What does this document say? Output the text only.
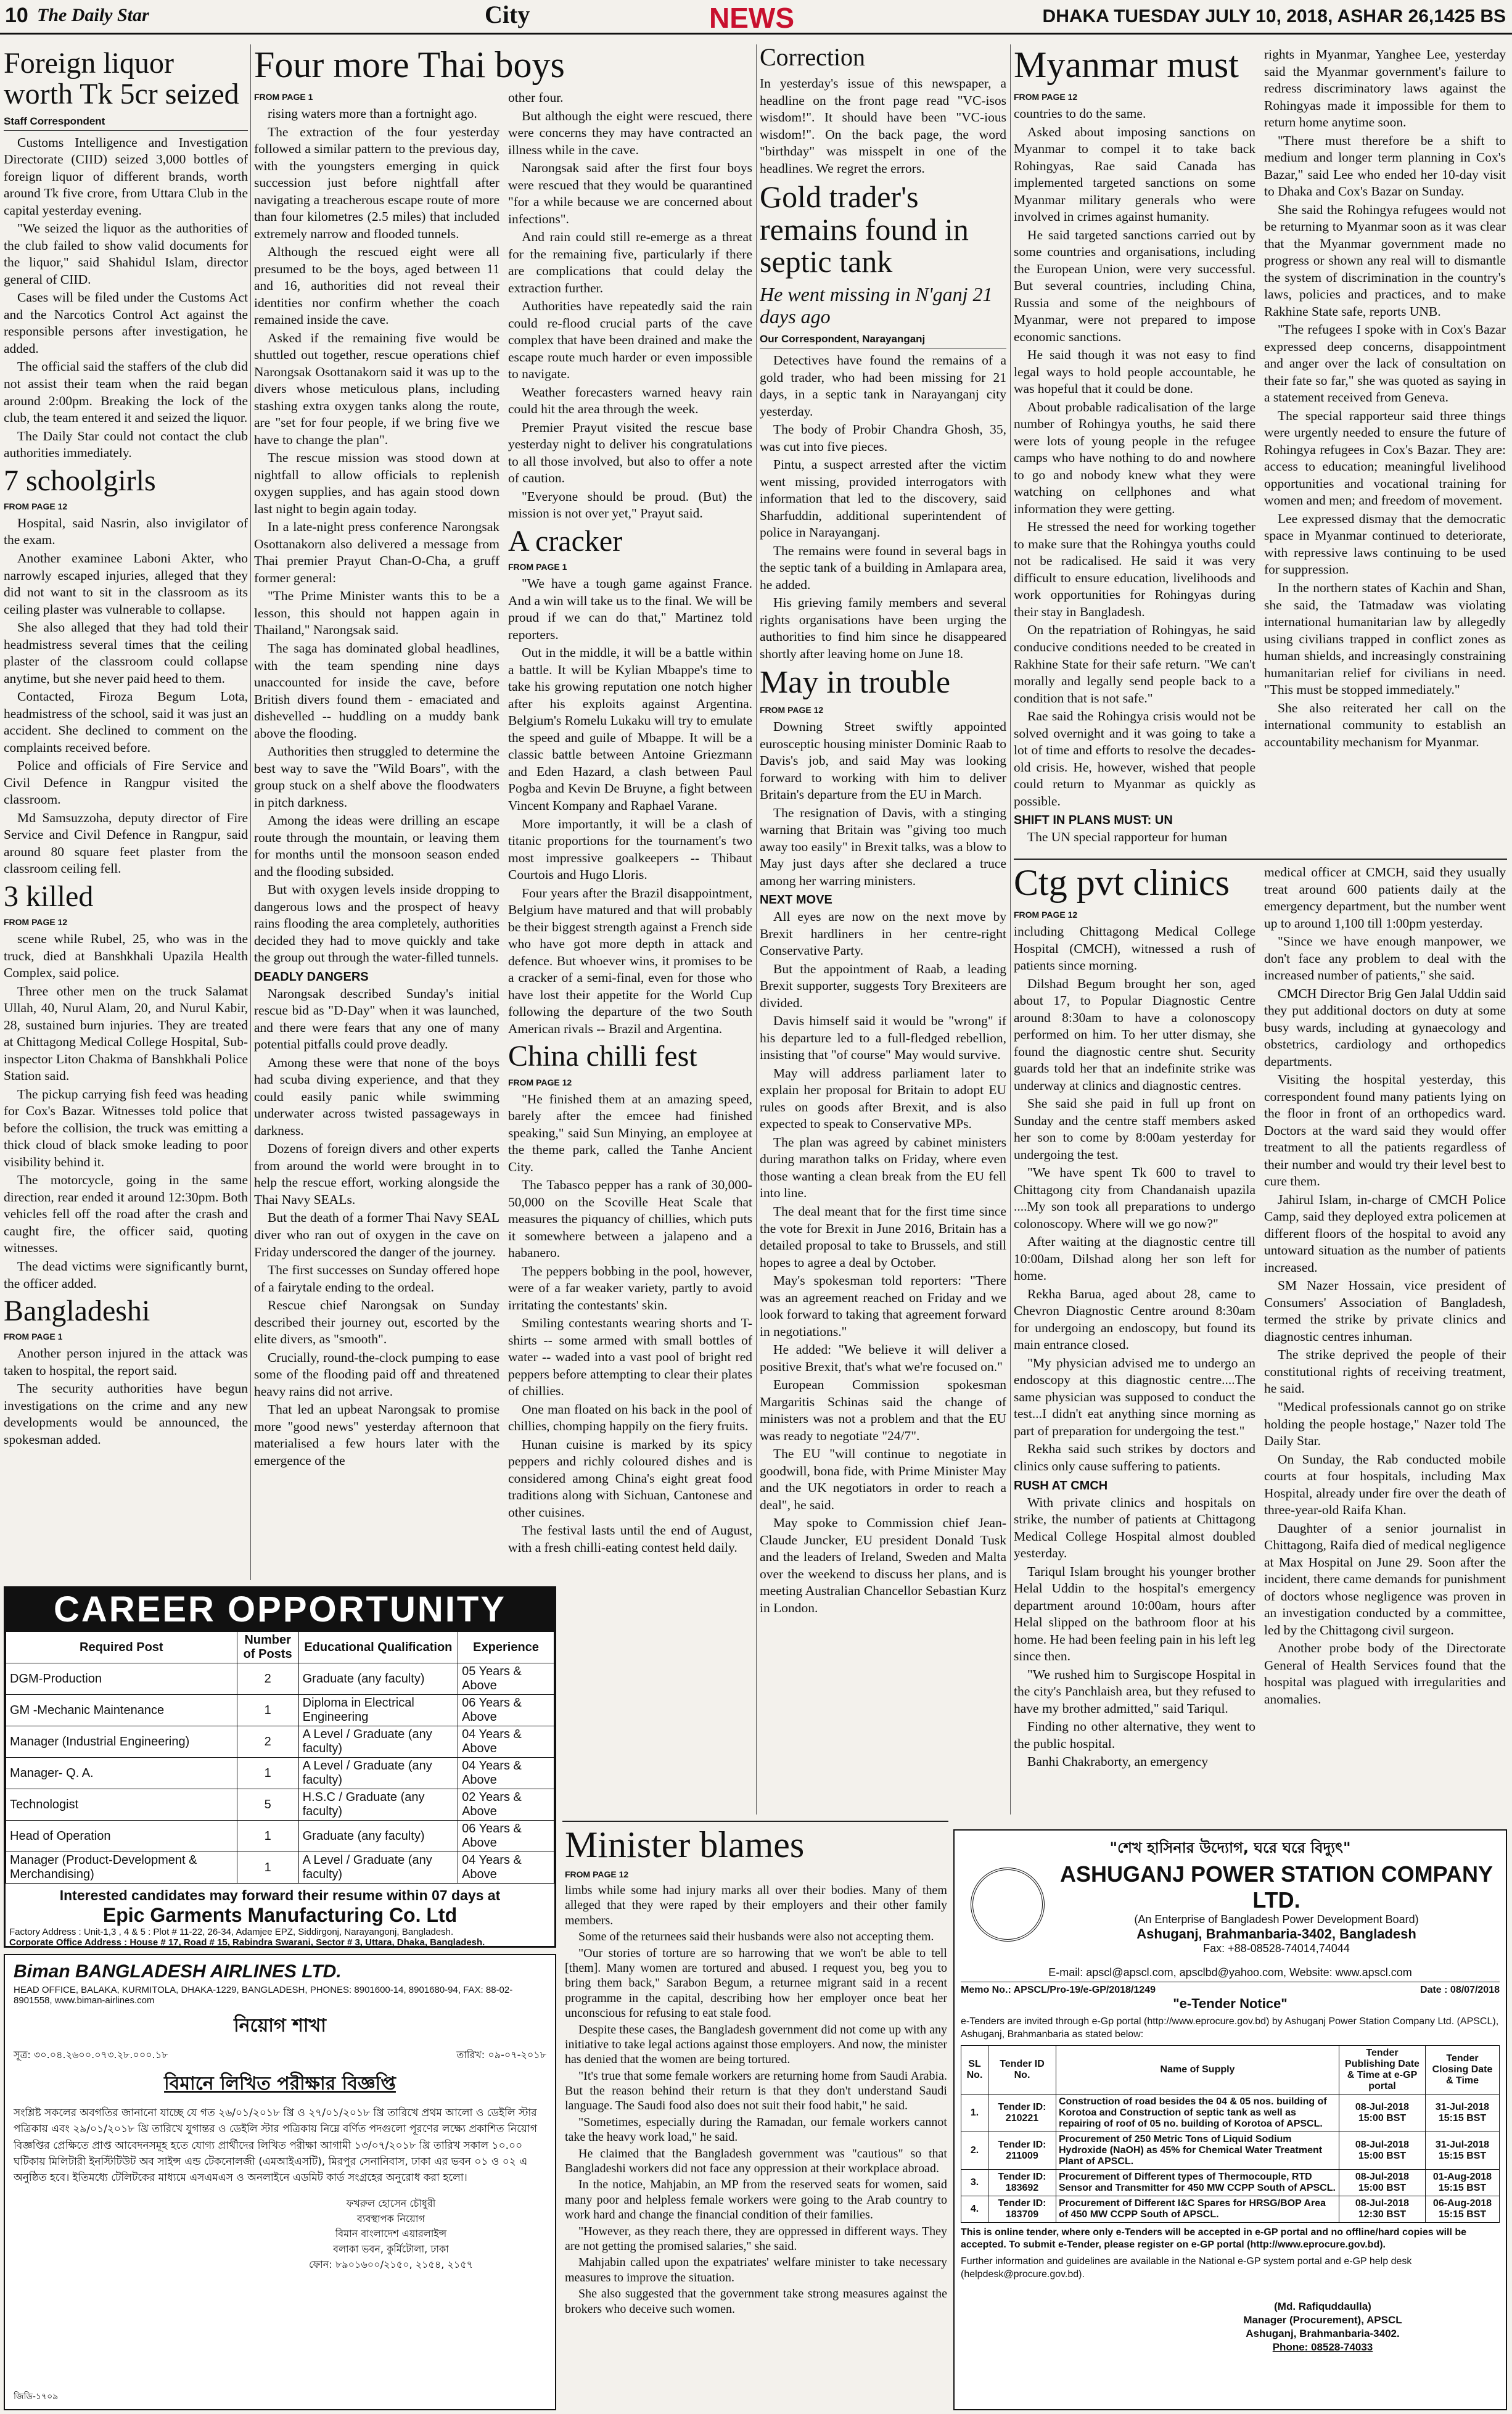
10 The Daily Star	City	NEWS	DHAKA TUESDAY JULY 10, 2018, ASHAR 26,1425 BS
Foreign liquor worth Tk 5cr seized
Staff Correspondent

Customs Intelligence and Investigation Directorate (CIID) seized 3,000 bottles of foreign liquor of different brands, worth around Tk five crore, from Uttara Club in the capital yesterday evening.

"We seized the liquor as the authorities of the club failed to show valid documents for the liquor," said Shahidul Islam, director general of CIID.

Cases will be filed under the Customs Act and the Narcotics Control Act against the responsible persons after investigation, he added.

The official said the staffers of the club did not assist their team when the raid began around 2:00pm. Breaking the lock of the club, the team entered it and seized the liquor.

The Daily Star could not contact the club authorities immediately.

7 schoolgirls
FROM PAGE 12

Hospital, said Nasrin, also invigilator of the exam.

Another examinee Laboni Akter, who narrowly escaped injuries, alleged that they did not want to sit in the classroom as its ceiling plaster was vulnerable to collapse.

She also alleged that they had told their headmistress several times that the ceiling plaster of the classroom could collapse anytime, but she never paid heed to them.

Contacted, Firoza Begum Lota, headmistress of the school, said it was just an accident. She declined to comment on the complaints received before.

Police and officials of Fire Service and Civil Defence in Rangpur visited the classroom.

Md Samsuzzoha, deputy director of Fire Service and Civil Defence in Rangpur, said around 80 square feet plaster from the classroom ceiling fell.

3 killed
FROM PAGE 12

scene while Rubel, 25, who was in the truck, died at Banshkhali Upazila Health Complex, said police.

Three other men on the truck Salamat Ullah, 40, Nurul Alam, 20, and Nurul Kabir, 28, sustained burn injuries. They are treated at Chittagong Medical College Hospital, Sub-inspector Liton Chakma of Banshkhali Police Station said.

The pickup carrying fish feed was heading for Cox's Bazar. Witnesses told police that before the collision, the truck was emitting a thick cloud of black smoke leading to poor visibility behind it.

The motorcycle, going in the same direction, rear ended it around 12:30pm. Both vehicles fell off the road after the crash and caught fire, the officer said, quoting witnesses.

The dead victims were significantly burnt, the officer added.

Bangladeshi
FROM PAGE 1

Another person injured in the attack was taken to hospital, the report said.

The security authorities have begun investigations on the crime and any new developments would be announced, the spokesman added.

Four more Thai boys
FROM PAGE 1

rising waters more than a fortnight ago.

The extraction of the four yesterday followed a similar pattern to the previous day, with the youngsters emerging in quick succession just before nightfall after navigating a treacherous escape route of more than four kilometres (2.5 miles) that included extremely narrow and flooded tunnels.

Although the rescued eight were all presumed to be the boys, aged between 11 and 16, authorities did not reveal their identities nor confirm whether the coach remained inside the cave.

Asked if the remaining five would be shuttled out together, rescue operations chief Narongsak Osottanakorn said it was up to the divers whose meticulous plans, including stashing extra oxygen tanks along the route, are "set for four people, if we bring five we have to change the plan".

The rescue mission was stood down at nightfall to allow officials to replenish oxygen supplies, and has again stood down last night to begin again today.

In a late-night press conference Narongsak Osottanakorn also delivered a message from Thai premier Prayut Chan-O-Cha, a gruff former general:

"The Prime Minister wants this to be a lesson, this should not happen again in Thailand," Narongsak said.

The saga has dominated global headlines, with the team spending nine days unaccounted for inside the cave, before British divers found them - emaciated and dishevelled -- huddling on a muddy bank above the flooding.

Authorities then struggled to determine the best way to save the "Wild Boars", with the group stuck on a shelf above the floodwaters in pitch darkness.

Among the ideas were drilling an escape route through the mountain, or leaving them for months until the monsoon season ended and the flooding subsided.

But with oxygen levels inside dropping to dangerous lows and the prospect of heavy rains flooding the area completely, authorities decided they had to move quickly and take the group out through the water-filled tunnels.

DEADLY DANGERS

Narongsak described Sunday's initial rescue bid as "D-Day" when it was launched, and there were fears that any one of many potential pitfalls could prove deadly.

Among these were that none of the boys had scuba diving experience, and that they could easily panic while swimming underwater across twisted passageways in darkness.

Dozens of foreign divers and other experts from around the world were brought in to help the rescue effort, working alongside the Thai Navy SEALs.

But the death of a former Thai Navy SEAL diver who ran out of oxygen in the cave on Friday underscored the danger of the journey.

The first successes on Sunday offered hope of a fairytale ending to the ordeal.

Rescue chief Narongsak on Sunday described their journey out, escorted by the elite divers, as "smooth".

Crucially, round-the-clock pumping to ease some of the flooding paid off and threatened heavy rains did not arrive.

That led an upbeat Narongsak to promise more "good news" yesterday afternoon that materialised a few hours later with the emergence of the

other four.

But although the eight were rescued, there were concerns they may have contracted an illness while in the cave.

Narongsak said after the first four boys were rescued that they would be quarantined "for a while because we are concerned about infections".

And rain could still re-emerge as a threat for the remaining five, particularly if there are complications that could delay the extraction further.

Authorities have repeatedly said the rain could re-flood crucial parts of the cave complex that have been drained and make the escape route much harder or even impossible to navigate.

Weather forecasters warned heavy rain could hit the area through the week.

Premier Prayut visited the rescue base yesterday night to deliver his congratulations to all those involved, but also to offer a note of caution.

"Everyone should be proud. (But) the mission is not over yet," Prayut said.

A cracker
FROM PAGE 1

"We have a tough game against France. And a win will take us to the final. We will be proud if we can do that," Martinez told reporters.

Out in the middle, it will be a battle within a battle. It will be Kylian Mbappe's time to take his growing reputation one notch higher after his exploits against Argentina. Belgium's Romelu Lukaku will try to emulate the speed and guile of Mbappe. It will be a classic battle between Antoine Griezmann and Eden Hazard, a clash between Paul Pogba and Kevin De Bruyne, a fight between Vincent Kompany and Raphael Varane.

More importantly, it will be a clash of titanic proportions for the tournament's two most impressive goalkeepers -- Thibaut Courtois and Hugo Lloris.

Four years after the Brazil disappointment, Belgium have matured and that will probably be their biggest strength against a French side who have got more depth in attack and defence. But whoever wins, it promises to be a cracker of a semi-final, even for those who have lost their appetite for the World Cup following the departure of the two South American rivals -- Brazil and Argentina.

China chilli fest
FROM PAGE 12

"He finished them at an amazing speed, barely after the emcee had finished speaking," said Sun Minying, an employee at the theme park, called the Tanhe Ancient City.

The Tabasco pepper has a rank of 30,000-50,000 on the Scoville Heat Scale that measures the piquancy of chillies, which puts it somewhere between a jalapeno and a habanero.

The peppers bobbing in the pool, however, were of a far weaker variety, partly to avoid irritating the contestants' skin.

Smiling contestants wearing shorts and T-shirts -- some armed with small bottles of water -- waded into a vast pool of bright red peppers before attempting to clear their plates of chillies.

One man floated on his back in the pool of chillies, chomping happily on the fiery fruits.

Hunan cuisine is marked by its spicy peppers and richly coloured dishes and is considered among China's eight great food traditions along with Sichuan, Cantonese and other cuisines.

The festival lasts until the end of August, with a fresh chilli-eating contest held daily.

Correction

In yesterday's issue of this newspaper, a headline on the front page read "VC-isos wisdom!". It should have been "VC-ious wisdom!". On the back page, the word "birthday" was misspelt in one of the headlines. We regret the errors.

Gold trader's remains found in septic tank
He went missing in N'ganj 21 days ago
Our Correspondent, Narayanganj

Detectives have found the remains of a gold trader, who had been missing for 21 days, in a septic tank in Narayanganj city yesterday.

The body of Probir Chandra Ghosh, 35, was cut into five pieces.

Pintu, a suspect arrested after the victim went missing, provided interrogators with information that led to the discovery, said Sharfuddin, additional superintendent of police in Narayanganj.

The remains were found in several bags in the septic tank of a building in Amlapara area, he added.

His grieving family members and several rights organisations have been urging the authorities to find him since he disappeared shortly after leaving home on June 18.

May in trouble
FROM PAGE 12

Downing Street swiftly appointed eurosceptic housing minister Dominic Raab to Davis's job, and said May was looking forward to working with him to deliver Britain's departure from the EU in March.

The resignation of Davis, with a stinging warning that Britain was "giving too much away too easily" in Brexit talks, was a blow to May just days after she declared a truce among her warring ministers.

NEXT MOVE

All eyes are now on the next move by Brexit hardliners in her centre-right Conservative Party.

But the appointment of Raab, a leading Brexit supporter, suggests Tory Brexiteers are divided.

Davis himself said it would be "wrong" if his departure led to a full-fledged rebellion, insisting that "of course" May would survive.

May will address parliament later to explain her proposal for Britain to adopt EU rules on goods after Brexit, and is also expected to speak to Conservative MPs.

The plan was agreed by cabinet ministers during marathon talks on Friday, where even those wanting a clean break from the EU fell into line.

The deal meant that for the first time since the vote for Brexit in June 2016, Britain has a detailed proposal to take to Brussels, and still hopes to agree a deal by October.

May's spokesman told reporters: "There was an agreement reached on Friday and we look forward to taking that agreement forward in negotiations."

He added: "We believe it will deliver a positive Brexit, that's what we're focused on."

European Commission spokesman Margaritis Schinas said the change of ministers was not a problem and that the EU was ready to negotiate "24/7".

The EU "will continue to negotiate in goodwill, bona fide, with Prime Minister May and the UK negotiators in order to reach a deal", he said.

May spoke to Commission chief Jean-Claude Juncker, EU president Donald Tusk and the leaders of Ireland, Sweden and Malta over the weekend to discuss her plans, and is meeting Australian Chancellor Sebastian Kurz in London.

Myanmar must
FROM PAGE 12

countries to do the same.

Asked about imposing sanctions on Myanmar to compel it to take back Rohingyas, Rae said Canada has implemented targeted sanctions on some Myanmar military generals who were involved in crimes against humanity.

He said targeted sanctions carried out by some countries and organisations, including the European Union, were very successful. But several countries, including China, Russia and some of the neighbours of Myanmar, were not prepared to impose economic sanctions.

He said though it was not easy to find legal ways to hold people accountable, he was hopeful that it could be done.

About probable radicalisation of the large number of Rohingya youths, he said there were lots of young people in the refugee camps who have nothing to do and nowhere to go and nobody knew what they were watching on cellphones and what information they were getting.

He stressed the need for working together to make sure that the Rohingya youths could not be radicalised. He said it was very difficult to ensure education, livelihoods and work opportunities for Rohingyas during their stay in Bangladesh.

On the repatriation of Rohingyas, he said conducive conditions needed to be created in Rakhine State for their safe return. "We can't morally and legally send people back to a condition that is not safe."

Rae said the Rohingya crisis would not be solved overnight and it was going to take a lot of time and efforts to resolve the decades-old crisis. He, however, wished that people could return to Myanmar as quickly as possible.

SHIFT IN PLANS MUST: UN

The UN special rapporteur for human

rights in Myanmar, Yanghee Lee, yesterday said the Myanmar government's failure to redress discriminatory laws against the Rohingyas made it impossible for them to return home anytime soon.

"There must therefore be a shift to medium and longer term planning in Cox's Bazar," said Lee who ended her 10-day visit to Dhaka and Cox's Bazar on Sunday.

She said the Rohingya refugees would not be returning to Myanmar soon as it was clear that the Myanmar government made no progress or shown any real will to dismantle the system of discrimination in the country's laws, policies and practices, and to make Rakhine State safe, reports UNB.

"The refugees I spoke with in Cox's Bazar expressed deep concerns, disappointment and anger over the lack of consultation on their fate so far," she was quoted as saying in a statement received from Geneva.

The special rapporteur said three things were urgently needed to ensure the future of Rohingya refugees in Cox's Bazar. They are: access to education; meaningful livelihood opportunities and vocational training for women and men; and freedom of movement.

Lee expressed dismay that the democratic space in Myanmar continued to deteriorate, with repressive laws continuing to be used for suppression.

In the northern states of Kachin and Shan, she said, the Tatmadaw was violating international humanitarian law by allegedly using civilians trapped in conflict zones as human shields, and increasingly constraining humanitarian relief for civilians in need. "This must be stopped immediately."

She also reiterated her call on the international community to establish an accountability mechanism for Myanmar.

Ctg pvt clinics
FROM PAGE 12

including Chittagong Medical College Hospital (CMCH), witnessed a rush of patients since morning.

Dilshad Begum brought her son, aged about 17, to Popular Diagnostic Centre around 8:30am to have a colonoscopy performed on him. To her utter dismay, she found the diagnostic centre shut. Security guards told her that an indefinite strike was underway at clinics and diagnostic centres.

She said she paid in full up front on Sunday and the centre staff members asked her son to come by 8:00am yesterday for undergoing the test.

"We have spent Tk 600 to travel to Chittagong city from Chandanaish upazila ....My son took all preparations to undergo colonoscopy. Where will we go now?"

After waiting at the diagnostic centre till 10:00am, Dilshad along her son left for home.

Rekha Barua, aged about 28, came to Chevron Diagnostic Centre around 8:30am for undergoing an endoscopy, but found its main entrance closed.

"My physician advised me to undergo an endoscopy at this diagnostic centre....The same physician was supposed to conduct the test...I didn't eat anything since morning as part of preparation for undergoing the test."

Rekha said such strikes by doctors and clinics only cause suffering to patients.

RUSH AT CMCH

With private clinics and hospitals on strike, the number of patients at Chittagong Medical College Hospital almost doubled yesterday.

Tariqul Islam brought his younger brother Helal Uddin to the hospital's emergency department around 10:00am, hours after Helal slipped on the bathroom floor at his home. He had been feeling pain in his left leg since then.

"We rushed him to Surgiscope Hospital in the city's Panchlaish area, but they refused to have my brother admitted," said Tariqul.

Finding no other alternative, they went to the public hospital.

Banhi Chakraborty, an emergency

medical officer at CMCH, said they usually treat around 600 patients daily at the emergency department, but the number went up to around 1,100 till 1:00pm yesterday.

"Since we have enough manpower, we don't face any problem to deal with the increased number of patients," she said.

CMCH Director Brig Gen Jalal Uddin said they put additional doctors on duty at some busy wards, including at gynaecology and obstetrics, cardiology and orthopedics departments.

Visiting the hospital yesterday, this correspondent found many patients lying on the floor in front of an orthopedics ward. Doctors at the ward said they would offer treatment to all the patients regardless of their number and would try their level best to cure them.

Jahirul Islam, in-charge of CMCH Police Camp, said they deployed extra policemen at different floors of the hospital to avoid any untoward situation as the number of patients increased.

SM Nazer Hossain, vice president of Consumers' Association of Bangladesh, termed the strike by private clinics and diagnostic centres inhuman.

The strike deprived the people of their constitutional rights of receiving treatment, he said.

"Medical professionals cannot go on strike holding the people hostage," Nazer told The Daily Star.

On Sunday, the Rab conducted mobile courts at four hospitals, including Max Hospital, already under fire over the death of three-year-old Raifa Khan.

Daughter of a senior journalist in Chittagong, Raifa died of medical negligence at Max Hospital on June 29. Soon after the incident, there came demands for punishment of doctors whose negligence was proven in an investigation conducted by a committee, led by the Chittagong civil surgeon.

Another probe body of the Directorate General of Health Services found that the hospital was plagued with irregularities and anomalies.

Minister blames
FROM PAGE 12

limbs while some had injury marks all over their bodies. Many of them alleged that they were raped by their employers and their other family members.

Some of the returnees said their husbands were also not accepting them.

"Our stories of torture are so harrowing that we won't be able to tell [them]. Many women are tortured and abused. I request you, beg you to bring them back," Sarabon Begum, a returnee migrant said in a recent programme in the capital, describing how her employer once beat her unconscious for refusing to eat stale food.

Despite these cases, the Bangladesh government did not come up with any initiative to take legal actions against those employers. And now, the minister has denied that the women are being tortured.

"It's true that some female workers are returning home from Saudi Arabia. But the reason behind their return is that they don't understand Saudi language. The Saudi food also does not suit their food habit," he said.

"Sometimes, especially during the Ramadan, our female workers cannot take the heavy work load," he said.

He claimed that the Bangladesh government was "cautious" so that Bangladeshi workers did not face any oppression at their workplace abroad.

In the notice, Mahjabin, an MP from the reserved seats for women, said many poor and helpless female workers were going to the Arab country to work hard and change the financial condition of their families.

"However, as they reach there, they are oppressed in different ways. They are not getting the promised salaries," she said.

Mahjabin called upon the expatriates' welfare minister to take necessary measures to improve the situation.

She also suggested that the government take strong measures against the brokers who deceive such women.

CAREER OPPORTUNITY
Required Post	Number of Posts	Educational Qualification	Experience
DGM-Production	2	Graduate (any faculty)	05 Years & Above
GM -Mechanic Maintenance	1	Diploma in Electrical Engineering	06 Years & Above
Manager (Industrial Engineering)	2	A Level / Graduate (any faculty)	04 Years & Above
Manager- Q. A.	1	A Level / Graduate (any faculty)	04 Years & Above
Technologist	5	H.S.C / Graduate (any faculty)	02 Years & Above
Head of Operation	1	Graduate (any faculty)	06 Years & Above
Manager (Product-Development & Merchandising)	1	A Level / Graduate (any faculty)	04 Years & Above
Interested candidates may forward their resume within 07 days at
Epic Garments Manufacturing Co. Ltd
Factory Address : Unit-1,3 , 4 & 5 : Plot # 11-22, 26-34, Adamjee EPZ, Siddirgonj, Narayangonj, Bangladesh.
Corporate Office Address : House # 17, Road # 15, Rabindra Swarani, Sector # 3, Uttara, Dhaka, Bangladesh.
Biman BANGLADESH AIRLINES LTD.
HEAD OFFICE, BALAKA, KURMITOLA, DHAKA-1229, BANGLADESH, PHONES: 8901600-14, 8901680-94, FAX: 88-02-8901558, www.biman-airlines.com
নিয়োগ শাখা
সূত্র: ৩০.০৪.২৬০০.০৭৩.২৮.০০০.১৮	তারিখ: ০৯-০৭-২০১৮
বিমানে লিখিত পরীক্ষার বিজ্ঞপ্তি
সংশ্লিষ্ট সকলের অবগতির জানানো যাচ্ছে যে গত ২৬/০১/২০১৮ খ্রি ও ২৭/০১/২০১৮ খ্রি তারিখে প্রথম আলো ও ডেইলি স্টার পত্রিকায় এবং ২৯/০১/২০১৮ খ্রি তারিখে যুগান্তর ও ডেইলি স্টার পত্রিকায় নিম্নে বর্ণিত পদগুলো পূরণের লক্ষ্যে প্রকাশিত নিয়োগ বিজ্ঞপ্তির প্রেক্ষিতে প্রাপ্ত আবেদনসমূহ হতে যোগ্য প্রার্থীদের লিখিত পরীক্ষা আগামী ১৩/০৭/২০১৮ খ্রি তারিখ সকাল ১০.০০ ঘটিকায় মিলিটারী ইনস্টিটিউট অব সাইন্স এন্ড টেকনোলজী (এমআইএসটি), মিরপুর সেনানিবাস, ঢাকা এর ভবন ০১ ও ০২ এ অনুষ্ঠিত হবে। ইতিমধ্যে টেলিটকের মাধ্যমে এসএমএস ও অনলাইনে এডমিট কার্ড সংগ্রহের অনুরোধ করা হলো।
ফখরুল হোসেন চৌধুরী
ব্যবস্থাপক নিয়োগ
বিমান বাংলাদেশ এয়ারলাইন্স
বলাকা ভবন, কুর্মিটোলা, ঢাকা
ফোন: ৮৯০১৬০০/২১৫০, ২১৫৪, ২১৫৭
জিডি-১৭০৯
"শেখ হাসিনার উদ্যোগ, ঘরে ঘরে বিদ্যুৎ"
ASHUGANJ POWER STATION COMPANY LTD.
(An Enterprise of Bangladesh Power Development Board)
Ashuganj, Brahmanbaria-3402, Bangladesh
Fax: +88-08528-74014,74044
E-mail: apscl@apscl.com, apsclbd@yahoo.com, Website: www.apscl.com
Memo No.: APSCL/Pro-19/e-GP/2018/1249	Date : 08/07/2018
"e-Tender Notice"
e-Tenders are invited through e-Gp portal (http://www.eprocure.gov.bd) by Ashuganj Power Station Company Ltd. (APSCL), Ashuganj, Brahmanbaria as stated below:
SL No.	Tender ID No.	Name of Supply	Tender Publishing Date & Time at e-GP portal	Tender Closing Date & Time
1.	Tender ID: 210221	Construction of road besides the 04 & 05 nos. building of Korotoa and Construction of septic tank as well as repairing of roof of 05 no. building of Korotoa of APSCL.	08-Jul-2018 15:00 BST	31-Jul-2018 15:15 BST
2.	Tender ID: 211009	Procurement of 250 Metric Tons of Liquid Sodium Hydroxide (NaOH) as 45% for Chemical Water Treatment Plant of APSCL.	08-Jul-2018 15:00 BST	31-Jul-2018 15:15 BST
3.	Tender ID: 183692	Procurement of Different types of Thermocouple, RTD Sensor and Transmitter for 450 MW CCPP South of APSCL.	08-Jul-2018 15:00 BST	01-Aug-2018 15:15 BST
4.	Tender ID: 183709	Procurement of Different I&C Spares for HRSG/BOP Area of 450 MW CCPP South of APSCL.	08-Jul-2018 12:30 BST	06-Aug-2018 15:15 BST
This is online tender, where only e-Tenders will be accepted in e-GP portal and no offline/hard copies will be accepted. To submit e-Tender, please register on e-GP portal (http://www.eprocure.gov.bd).
Further information and guidelines are available in the National e-GP system portal and e-GP help desk (helpdesk@procure.gov.bd).
(Md. Rafiquddaulla)
Manager (Procurement), APSCL
Ashuganj, Brahmanbaria-3402.
Phone: 08528-74033
